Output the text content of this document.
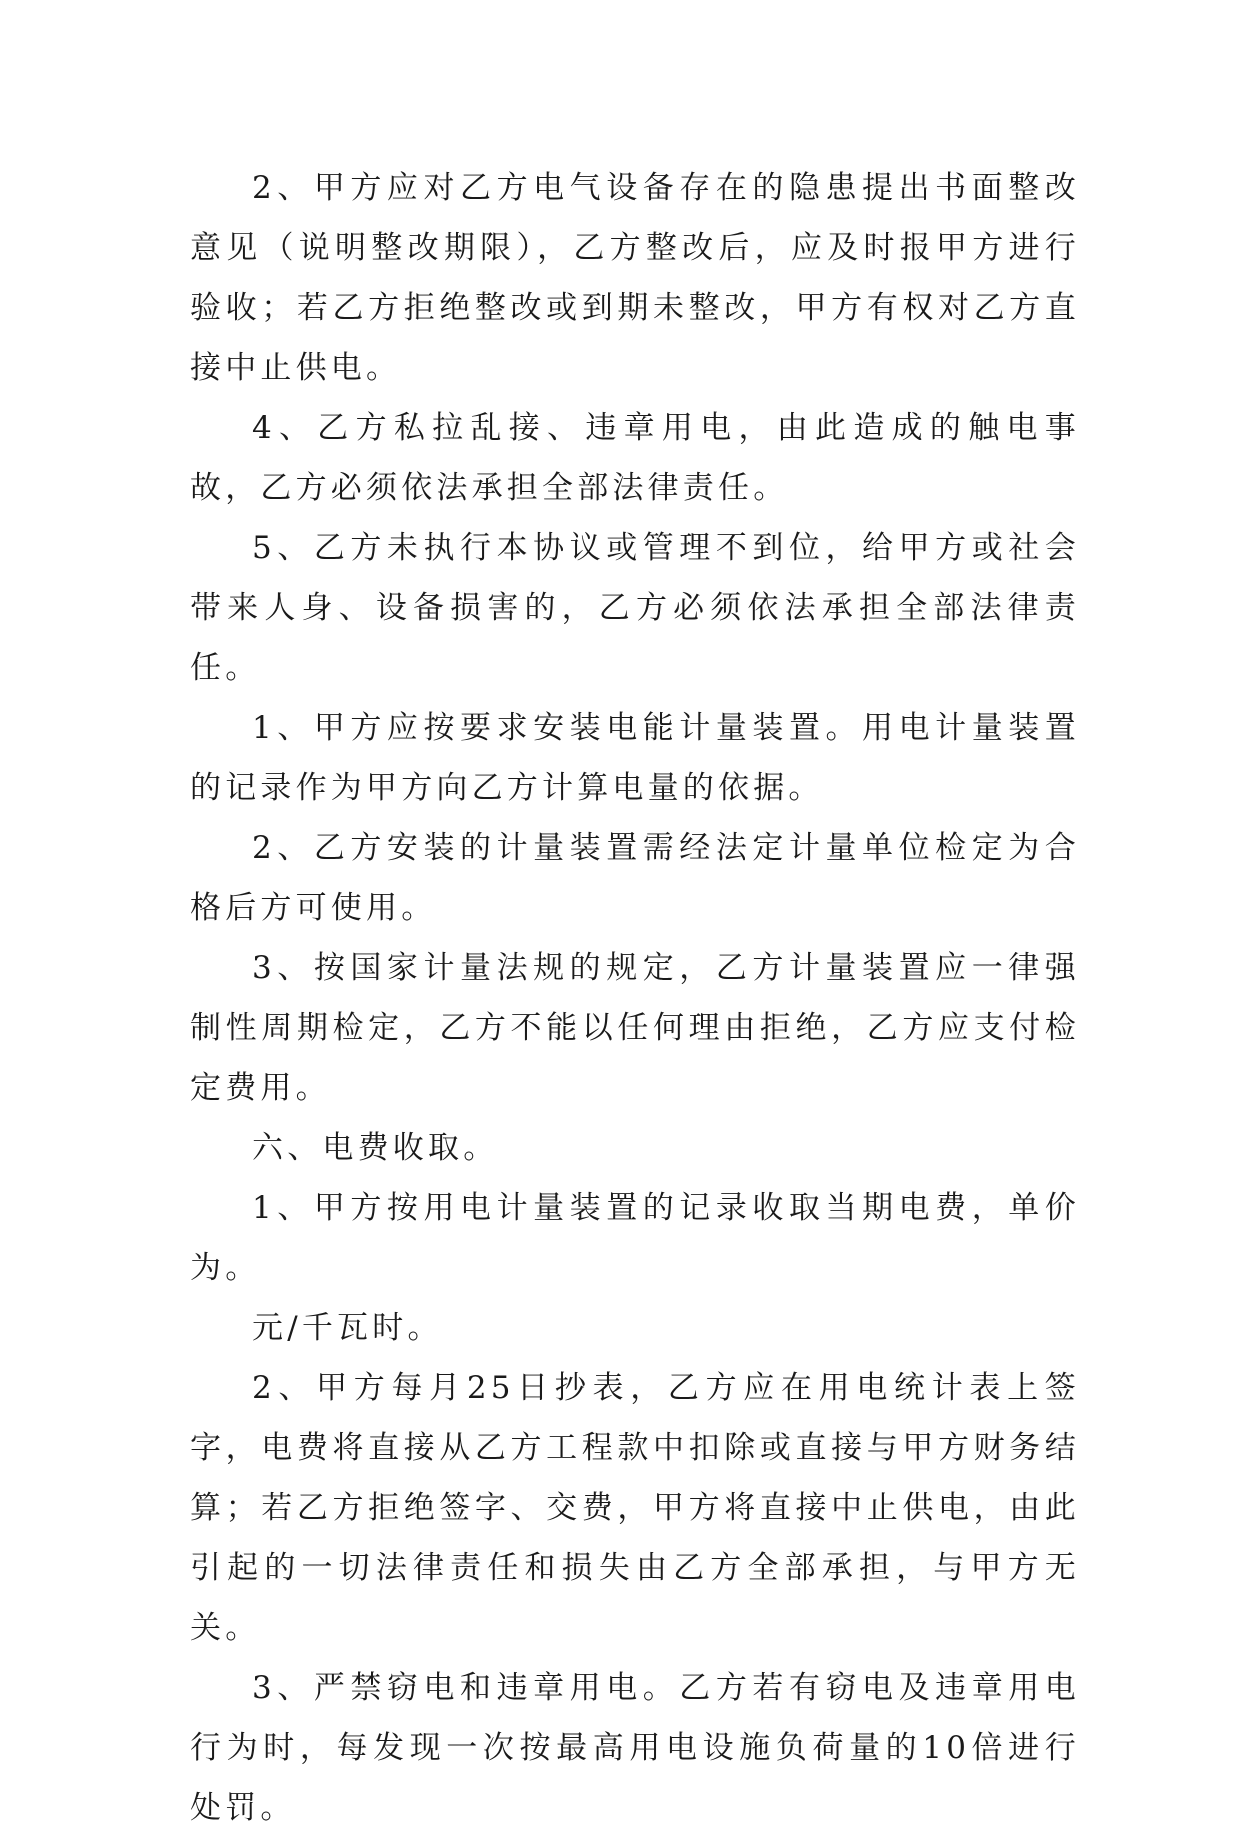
2、甲方应对乙方电气设备存在的隐患提出书面整改意见（说明整改期限），乙方整改后，应及时报甲方进行验收；若乙方拒绝整改或到期未整改，甲方有权对乙方直接中止供电。

4、乙方私拉乱接、违章用电，由此造成的触电事故，乙方必须依法承担全部法律责任。

5、乙方未执行本协议或管理不到位，给甲方或社会带来人身、设备损害的，乙方必须依法承担全部法律责任。

1、甲方应按要求安装电能计量装置。用电计量装置的记录作为甲方向乙方计算电量的依据。

2、乙方安装的计量装置需经法定计量单位检定为合格后方可使用。

3、按国家计量法规的规定，乙方计量装置应一律强制性周期检定，乙方不能以任何理由拒绝，乙方应支付检定费用。

六、电费收取。

1、甲方按用电计量装置的记录收取当期电费，单价为。

元/千瓦时。

2、甲方每月25日抄表，乙方应在用电统计表上签字，电费将直接从乙方工程款中扣除或直接与甲方财务结算；若乙方拒绝签字、交费，甲方将直接中止供电，由此引起的一切法律责任和损失由乙方全部承担，与甲方无关。

3、严禁窃电和违章用电。乙方若有窃电及违章用电行为时，每发现一次按最高用电设施负荷量的10倍进行处罚。
